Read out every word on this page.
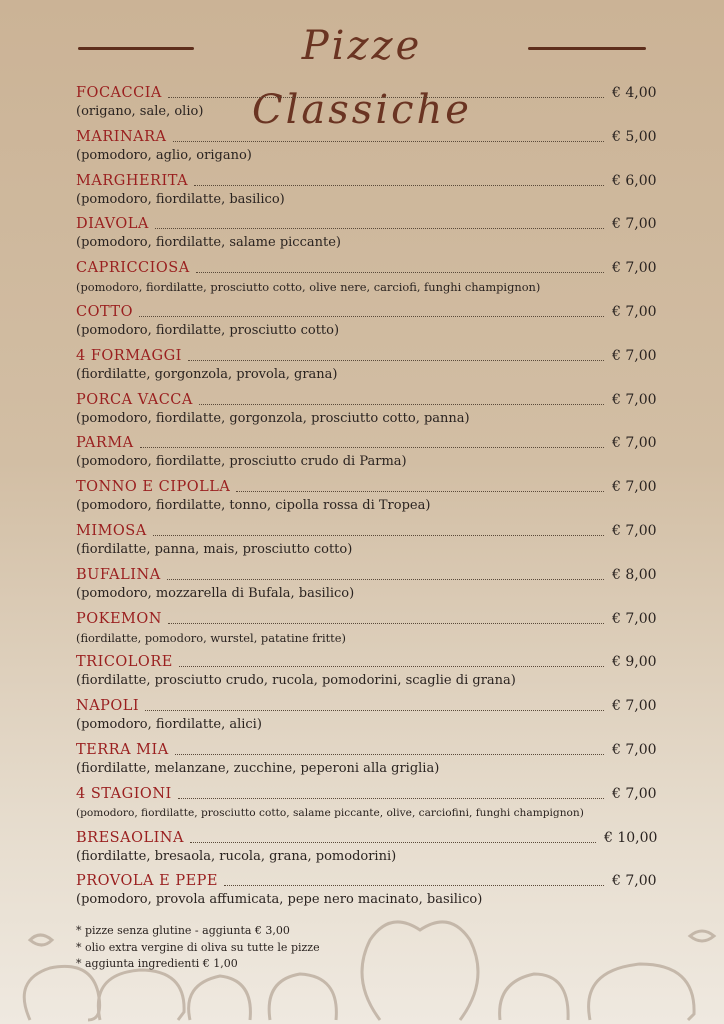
Pizze Classiche
FOCACCIA	€ 4,00
(origano, sale, olio)
MARINARA	€ 5,00
(pomodoro, aglio, origano)
MARGHERITA	€ 6,00
(pomodoro, fiordilatte, basilico)
DIAVOLA	€ 7,00
(pomodoro, fiordilatte, salame piccante)
CAPRICCIOSA	€ 7,00
(pomodoro, fiordilatte, prosciutto cotto, olive nere, carciofi, funghi champignon)
COTTO	€ 7,00
(pomodoro, fiordilatte, prosciutto cotto)
4 FORMAGGI	€ 7,00
(fiordilatte, gorgonzola, provola, grana)
PORCA VACCA	€ 7,00
(pomodoro, fiordilatte, gorgonzola, prosciutto cotto, panna)
PARMA	€ 7,00
(pomodoro, fiordilatte, prosciutto crudo di Parma)
TONNO E CIPOLLA	€ 7,00
(pomodoro, fiordilatte, tonno, cipolla rossa di Tropea)
MIMOSA	€ 7,00
(fiordilatte, panna, mais, prosciutto cotto)
BUFALINA	€ 8,00
(pomodoro, mozzarella di Bufala, basilico)
POKEMON	€ 7,00
(fiordilatte, pomodoro, wurstel, patatine fritte)
TRICOLORE	€ 9,00
(fiordilatte, prosciutto crudo, rucola, pomodorini, scaglie di grana)
NAPOLI	€ 7,00
(pomodoro, fiordilatte, alici)
TERRA MIA	€ 7,00
(fiordilatte, melanzane, zucchine, peperoni alla griglia)
4 STAGIONI	€ 7,00
(pomodoro, fiordilatte, prosciutto cotto, salame piccante, olive, carciofini, funghi champignon)
BRESAOLINA	€ 10,00
(fiordilatte, bresaola, rucola, grana, pomodorini)
PROVOLA E PEPE	€ 7,00
(pomodoro, provola affumicata, pepe nero macinato, basilico)
* pizze senza glutine - aggiunta € 3,00
* olio extra vergine di oliva su tutte le pizze
* aggiunta ingredienti € 1,00
